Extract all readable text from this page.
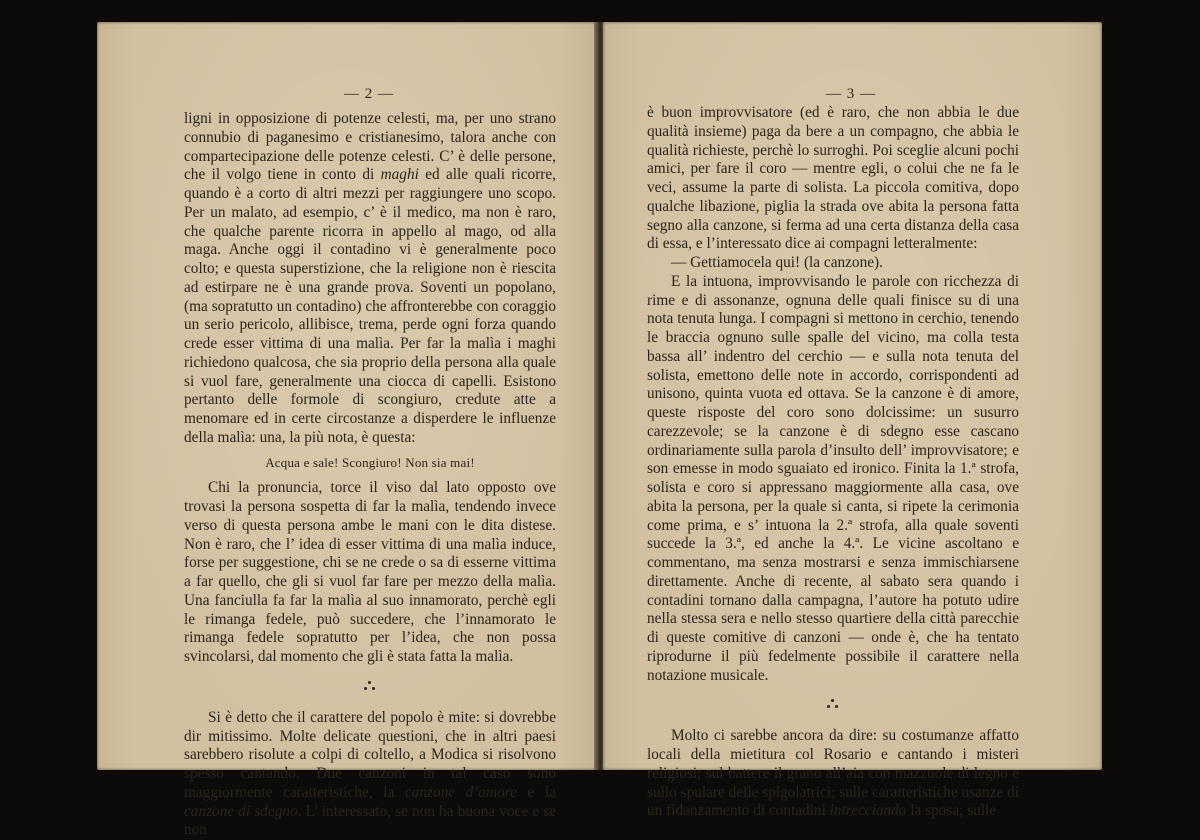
— 2 —

ligni in opposizione di potenze celesti, ma, per uno strano connubio di paganesimo e cristianesimo, talora anche con compartecipazione delle potenze celesti. C’ è delle persone, che il volgo tiene in conto di maghi ed alle quali ricorre, quando è a corto di altri mezzi per raggiungere uno scopo. Per un malato, ad esempio, c’ è il medico, ma non è raro, che qualche parente ricorra in appello al mago, od alla maga. Anche oggi il contadino vi è generalmente poco colto; e questa superstizione, che la religione non è riescita ad estirpare ne è una grande prova. Soventi un popolano, (ma sopratutto un contadino) che affronterebbe con coraggio un serio pericolo, allibisce, trema, perde ogni forza quando crede esser vittima di una malìa. Per far la malìa i maghi richiedono qualcosa, che sia proprio della persona alla quale si vuol fare, generalmente una ciocca di capelli. Esistono pertanto delle formole di scongiuro, credute atte a menomare ed in certe circostanze a disperdere le influenze della malìa: una, la più nota, è questa:

Acqua e sale! Scongiuro! Non sia mai!

Chi la pronuncia, torce il viso dal lato opposto ove trovasi la persona sospetta di far la malìa, tendendo invece verso di questa persona ambe le mani con le dita distese. Non è raro, che l’ idea di esser vittima di una malìa induce, forse per suggestione, chi se ne crede o sa di esserne vittima a far quello, che gli si vuol far fare per mezzo della malìa. Una fanciulla fa far la malìa al suo innamorato, perchè egli le rimanga fedele, può succedere, che l’innamorato le rimanga fedele sopratutto per l’idea, che non possa svincolarsi, dal momento che gli è stata fatta la malìa.

Si è detto che il carattere del popolo è mite: si dovrebbe dir mitissimo. Molte delicate questioni, che in altri paesi sarebbero risolute a colpi di coltello, a Modica si risolvono spesso cantando. Due canzoni in tal caso sono maggiormente caratteristiche, la canzone d’amore e la canzone di sdegno. L’ interessato, se non ha buona voce e se non

— 3 —

è buon improvvisatore (ed è raro, che non abbia le due qualità insieme) paga da bere a un compagno, che abbia le qualità richieste, perchè lo surroghi. Poi sceglie alcuni pochi amici, per fare il coro — mentre egli, o colui che ne fa le veci, assume la parte di solista. La piccola comitiva, dopo qualche libazione, piglia la strada ove abita la persona fatta segno alla canzone, si ferma ad una certa distanza della casa di essa, e l’interessato dice ai compagni letteralmente:

— Gettiamocela qui! (la canzone).

E la intuona, improvvisando le parole con ricchezza di rime e di assonanze, ognuna delle quali finisce su di una nota tenuta lunga. I compagni si mettono in cerchio, tenendo le braccia ognuno sulle spalle del vicino, ma colla testa bassa all’ indentro del cerchio — e sulla nota tenuta del solista, emettono delle note in accordo, corrispondenti ad unisono, quinta vuota ed ottava. Se la canzone è di amore, queste risposte del coro sono dolcissime: un susurro carezzevole; se la canzone è di sdegno esse cascano ordinariamente sulla parola d’insulto dell’ improvvisatore; e son emesse in modo sguaiato ed ironico. Finita la 1.ª strofa, solista e coro si appressano maggiormente alla casa, ove abita la persona, per la quale si canta, si ripete la cerimonia come prima, e s’ intuona la 2.ª strofa, alla quale soventi succede la 3.ª, ed anche la 4.ª. Le vicine ascoltano e commentano, ma senza mostrarsi e senza immischiarsene direttamente. Anche di recente, al sabato sera quando i contadini tornano dalla campagna, l’autore ha potuto udire nella stessa sera e nello stesso quartiere della città parecchie di queste comitive di canzoni — onde è, che ha tentato riprodurne il più fedelmente possibile il carattere nella notazione musicale.

Molto ci sarebbe ancora da dire: su costumanze affatto locali della mietitura col Rosario e cantando i misteri religiosi; sul battere il grano all’aia con mazzuole di legno e sullo spulare delle spigolatrici; sulle caratteristiche usanze di un fidanzamento di contadini intrecciando la sposa; sulle
